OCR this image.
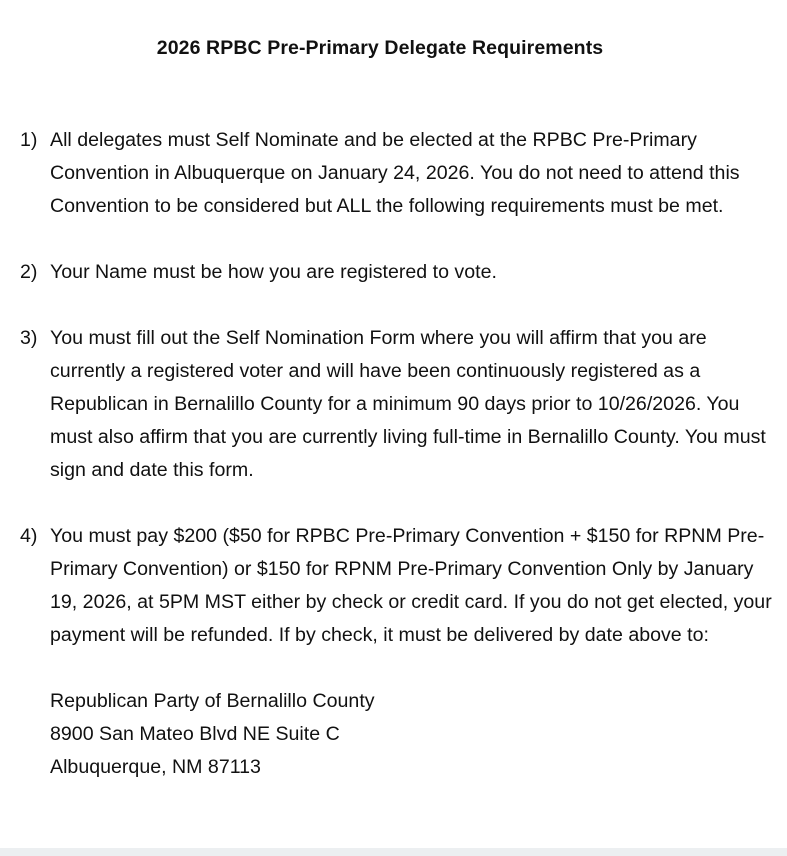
2026 RPBC Pre-Primary Delegate Requirements
1) All delegates must Self Nominate and be elected at the RPBC Pre-Primary Convention in Albuquerque on January 24, 2026. You do not need to attend this Convention to be considered but ALL the following requirements must be met.
2) Your Name must be how you are registered to vote.
3) You must fill out the Self Nomination Form where you will affirm that you are currently a registered voter and will have been continuously registered as a Republican in Bernalillo County for a minimum 90 days prior to 10/26/2026. You must also affirm that you are currently living full-time in Bernalillo County. You must sign and date this form.
4) You must pay $200 ($50 for RPBC Pre-Primary Convention + $150 for RPNM Pre-Primary Convention) or $150 for RPNM Pre-Primary Convention Only by January 19, 2026, at 5PM MST either by check or credit card. If you do not get elected, your payment will be refunded. If by check, it must be delivered by date above to:
Republican Party of Bernalillo County
8900 San Mateo Blvd NE Suite C
Albuquerque, NM 87113
